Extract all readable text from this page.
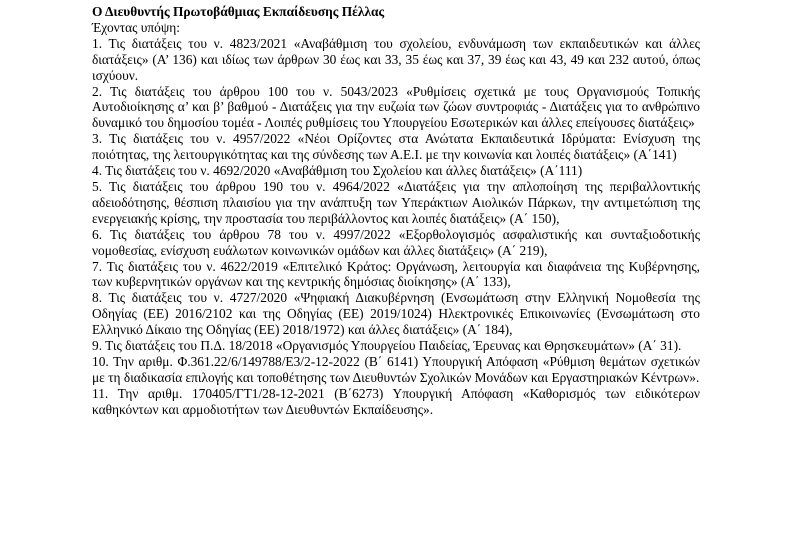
Ο Διευθυντής Πρωτοβάθμιας Εκπαίδευσης Πέλλας

Έχοντας υπόψη:

1. Τις διατάξεις του ν. 4823/2021 «Αναβάθμιση του σχολείου, ενδυνάμωση των εκπαιδευτικών και άλλες διατάξεις» (Α’ 136) και ιδίως των άρθρων 30 έως και 33, 35 έως και 37, 39 έως και 43, 49 και 232 αυτού, όπως ισχύουν.

2. Τις διατάξεις του άρθρου 100 του ν. 5043/2023 «Ρυθμίσεις σχετικά με τους Οργανισμούς Τοπικής Αυτοδιοίκησης α’ και β’ βαθμού - Διατάξεις για την ευζωία των ζώων συντροφιάς - Διατάξεις για το ανθρώπινο δυναμικό του δημοσίου τομέα - Λοιπές ρυθμίσεις του Υπουργείου Εσωτερικών και άλλες επείγουσες διατάξεις»

3. Τις διατάξεις του ν. 4957/2022 «Νέοι Ορίζοντες στα Ανώτατα Εκπαιδευτικά Ιδρύματα: Ενίσχυση της ποιότητας, της λειτουργικότητας και της σύνδεσης των Α.Ε.Ι. με την κοινωνία και λοιπές διατάξεις» (Α΄141)

4. Τις διατάξεις του ν. 4692/2020 «Αναβάθμιση του Σχολείου και άλλες διατάξεις» (Α΄111)

5. Τις διατάξεις του άρθρου 190 του ν. 4964/2022 «Διατάξεις για την απλοποίηση της περιβαλλοντικής αδειοδότησης, θέσπιση πλαισίου για την ανάπτυξη των Υπεράκτιων Αιολικών Πάρκων, την αντιμετώπιση της ενεργειακής κρίσης, την προστασία του περιβάλλοντος και λοιπές διατάξεις» (Α΄ 150),

6. Τις διατάξεις του άρθρου 78 του ν. 4997/2022 «Εξορθολογισμός ασφαλιστικής και συνταξιοδοτικής νομοθεσίας, ενίσχυση ευάλωτων κοινωνικών ομάδων και άλλες διατάξεις» (Α΄ 219),

7. Τις διατάξεις του ν. 4622/2019 «Επιτελικό Κράτος: Οργάνωση, λειτουργία και διαφάνεια της Κυβέρνησης, των κυβερνητικών οργάνων και της κεντρικής δημόσιας διοίκησης» (Α΄ 133),

8. Τις διατάξεις του ν. 4727/2020 «Ψηφιακή Διακυβέρνηση (Ενσωμάτωση στην Ελληνική Νομοθεσία της Οδηγίας (ΕΕ) 2016/2102 και της Οδηγίας (ΕΕ) 2019/1024) Ηλεκτρονικές Επικοινωνίες (Ενσωμάτωση στο Ελληνικό Δίκαιο της Οδηγίας (ΕΕ) 2018/1972) και άλλες διατάξεις» (Α΄ 184),

9. Τις διατάξεις του Π.Δ. 18/2018 «Οργανισμός Υπουργείου Παιδείας, Έρευνας και Θρησκευμάτων» (Α΄ 31).

10. Την αριθμ. Φ.361.22/6/149788/Ε3/2-12-2022 (Β΄ 6141) Υπουργική Απόφαση «Ρύθμιση θεμάτων σχετικών με τη διαδικασία επιλογής και τοποθέτησης των Διευθυντών Σχολικών Μονάδων και Εργαστηριακών Κέντρων».

11. Την αριθμ. 170405/ΓΤ1/28-12-2021 (Β΄6273) Υπουργική Απόφαση «Καθορισμός των ειδικότερων καθηκόντων και αρμοδιοτήτων των Διευθυντών Εκπαίδευσης».
